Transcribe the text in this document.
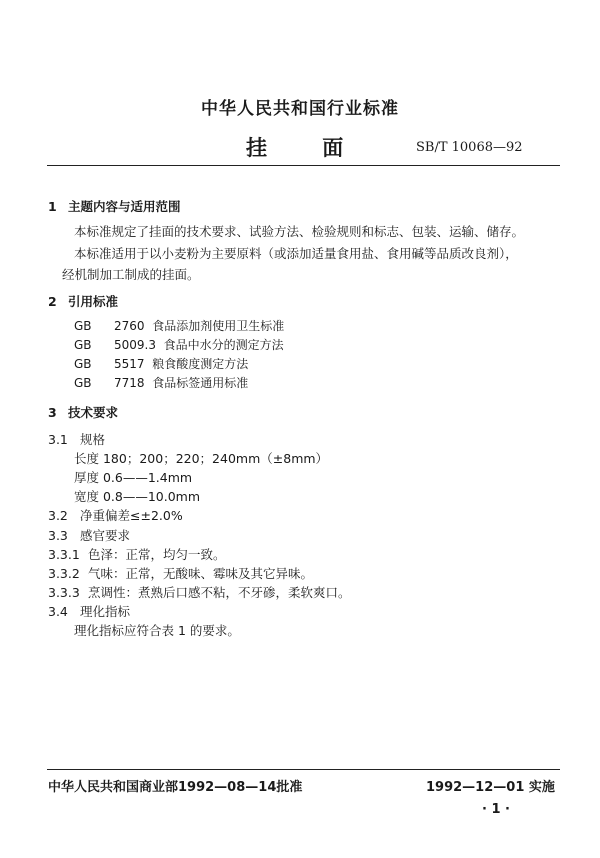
中华人民共和国行业标准
挂 面	SB/T 10068—92
1 主题内容与适用范围
本标准规定了挂面的技术要求、试验方法、检验规则和标志、包装、运输、储存。
本标准适用于以小麦粉为主要原料（或添加适量食用盐、食用碱等品质改良剂），
经机制加工制成的挂面。
2 引用标准
GB 2760 食品添加剂使用卫生标准
GB 5009.3 食品中水分的测定方法
GB 5517 粮食酸度测定方法
GB 7718 食品标签通用标准
3 技术要求
3.1 规格
长度 180；200；220；240mm（±8mm）
厚度 0.6——1.4mm
宽度 0.8——10.0mm
3.2 净重偏差≤±2.0%
3.3 感官要求
3.3.1 色泽：正常，均匀一致。
3.3.2 气味：正常，无酸味、霉味及其它异味。
3.3.3 烹调性：煮熟后口感不粘，不牙碜，柔软爽口。
3.4 理化指标
理化指标应符合表 1 的要求。
中华人民共和国商业部1992—08—14批准	1992—12—01 实施
· 1 ·
